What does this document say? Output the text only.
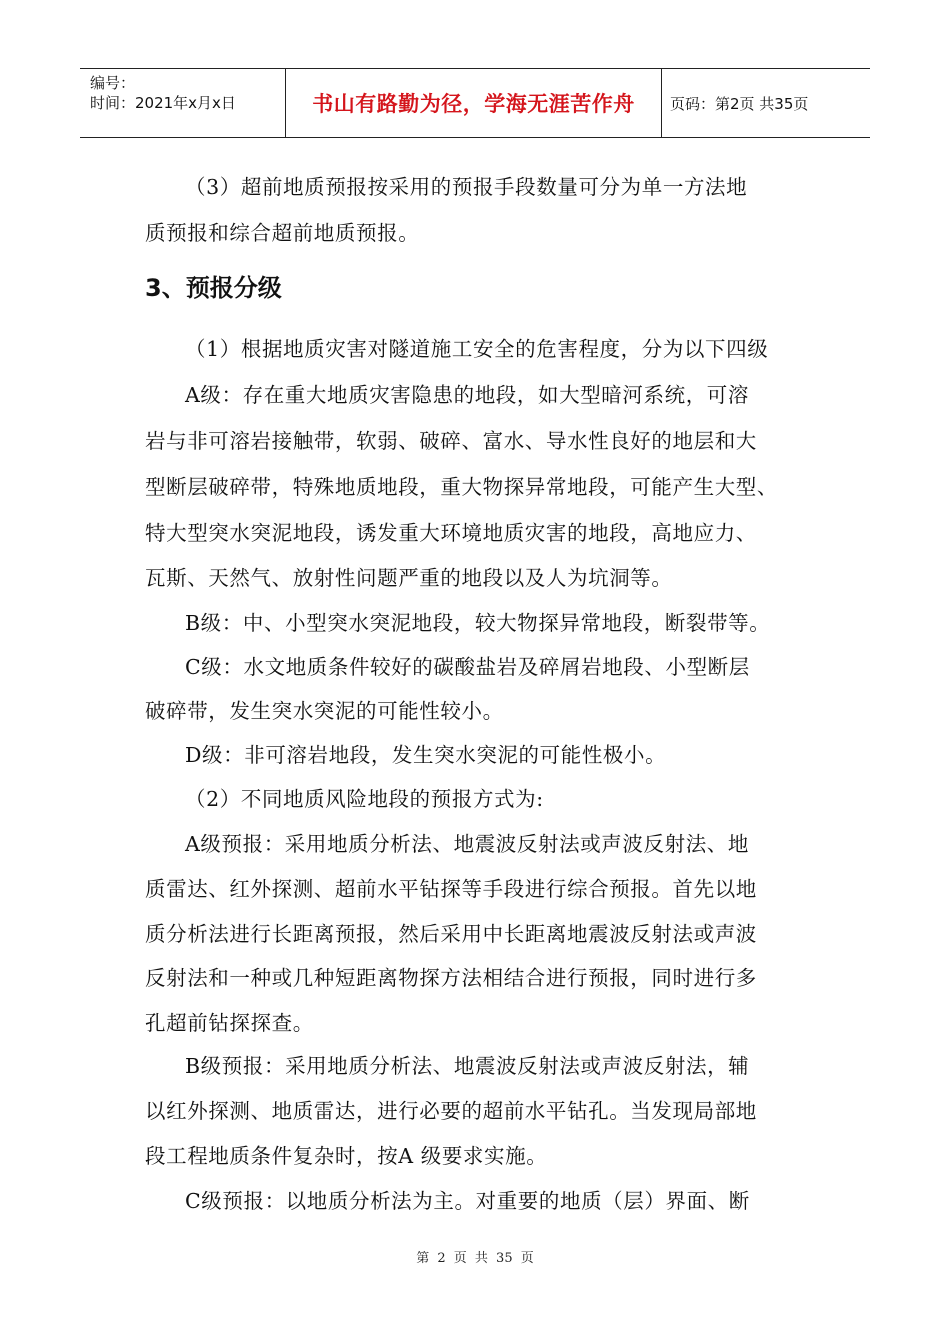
编号：
时间：2021年x月x日	书山有路勤为径，学海无涯苦作舟 页码：第2页 共35页
（3）超前地质预报按采用的预报手段数量可分为单一方法地
质预报和综合超前地质预报。
3、预报分级
（1）根据地质灾害对隧道施工安全的危害程度，分为以下四级
A级：存在重大地质灾害隐患的地段，如大型暗河系统，可溶
岩与非可溶岩接触带，软弱、破碎、富水、导水性良好的地层和大
型断层破碎带，特殊地质地段，重大物探异常地段，可能产生大型、
特大型突水突泥地段，诱发重大环境地质灾害的地段，高地应力、
瓦斯、天然气、放射性问题严重的地段以及人为坑洞等。
B级：中、小型突水突泥地段，较大物探异常地段，断裂带等。
C级：水文地质条件较好的碳酸盐岩及碎屑岩地段、小型断层
破碎带，发生突水突泥的可能性较小。
D级：非可溶岩地段，发生突水突泥的可能性极小。
（2）不同地质风险地段的预报方式为:
A级预报：采用地质分析法、地震波反射法或声波反射法、地
质雷达、红外探测、超前水平钻探等手段进行综合预报。首先以地
质分析法进行长距离预报，然后采用中长距离地震波反射法或声波
反射法和一种或几种短距离物探方法相结合进行预报，同时进行多
孔超前钻探探查。
B级预报：采用地质分析法、地震波反射法或声波反射法，辅
以红外探测、地质雷达，进行必要的超前水平钻孔。当发现局部地
段工程地质条件复杂时，按A 级要求实施。
C级预报：以地质分析法为主。对重要的地质（层）界面、断
第 2 页 共 35 页
